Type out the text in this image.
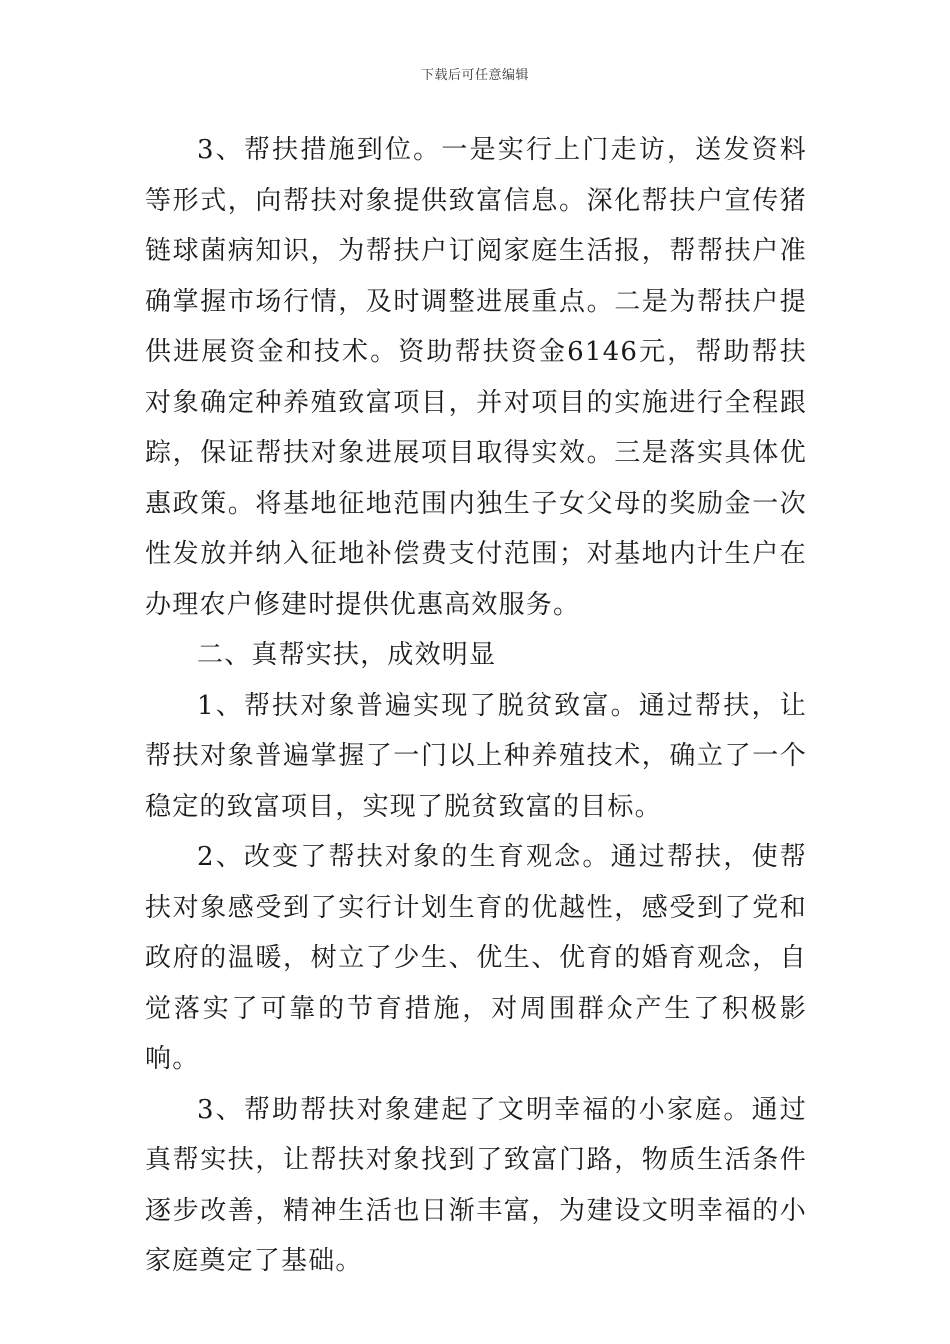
下载后可任意编辑

3、帮扶措施到位。一是实行上门走访，送发资料等形式，向帮扶对象提供致富信息。深化帮扶户宣传猪链球菌病知识，为帮扶户订阅家庭生活报，帮帮扶户准确掌握市场行情，及时调整进展重点。二是为帮扶户提供进展资金和技术。资助帮扶资金6146元，帮助帮扶对象确定种养殖致富项目，并对项目的实施进行全程跟踪，保证帮扶对象进展项目取得实效。三是落实具体优惠政策。将基地征地范围内独生子女父母的奖励金一次性发放并纳入征地补偿费支付范围；对基地内计生户在办理农户修建时提供优惠高效服务。

二、真帮实扶，成效明显

1、帮扶对象普遍实现了脱贫致富。通过帮扶，让帮扶对象普遍掌握了一门以上种养殖技术，确立了一个稳定的致富项目，实现了脱贫致富的目标。

2、改变了帮扶对象的生育观念。通过帮扶，使帮扶对象感受到了实行计划生育的优越性，感受到了党和政府的温暖，树立了少生、优生、优育的婚育观念，自觉落实了可靠的节育措施，对周围群众产生了积极影响。

3、帮助帮扶对象建起了文明幸福的小家庭。通过真帮实扶，让帮扶对象找到了致富门路，物质生活条件逐步改善，精神生活也日渐丰富，为建设文明幸福的小家庭奠定了基础。
